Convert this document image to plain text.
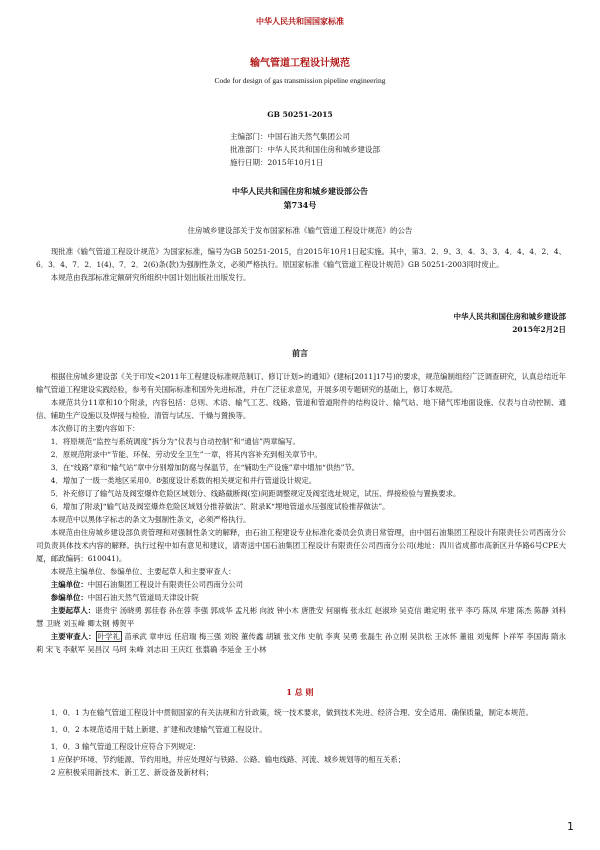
中华人民共和国国家标准
输气管道工程设计规范
Code for design of gas transmission pipeline engineering
GB 50251-2015
主编部门：中国石油天然气集团公司
批准部门：中华人民共和国住房和城乡建设部
施行日期：2015年10月1日
中华人民共和国住房和城乡建设部公告
第734号
住房城乡建设部关于发布国家标准《输气管道工程设计规范》的公告
现批准《输气管道工程设计规范》为国家标准，编号为GB 50251-2015，自2015年10月1日起实施。其中，第3．2．9、3．4．3、3．4．4、4．2．4、6．3．4、7．2．1(4)、7．2．2(6)条(款)为强制性条文，必须严格执行。原国家标准《输气管道工程设计规范》GB 50251-2003同时废止。
本规范由我部标准定额研究所组织中国计划出版社出版发行。
中华人民共和国住房和城乡建设部
2015年2月2日
前言
根据住房城乡建设部《关于印发<2011年工程建设标准规范制订、修订计划>的通知》(建标[2011]17号)的要求，规范编制组经广泛调查研究，认真总结近年输气管道工程建设实践经验，参考有关国际标准和国外先进标准，并在广泛征求意见，开展多项专题研究的基础上，修订本规范。
本规范共分11章和10个附录，内容包括：总则、术语、输气工艺、线路、管道和管道附件的结构设计、输气站、地下储气库地面设施、仪表与自动控制、通信、辅助生产设施以及焊接与检验、清管与试压、干燥与置换等。
本次修订的主要内容如下：
1．将原规范“监控与系统调度”拆分为“仪表与自动控制”和“通信”两章编写。
2．原规范附录中“节能、环保、劳动安全卫生”一章，将其内容补充到相关章节中。
3．在“线路”章和“输气站”章中分别增加防腐与保温节，在“辅助生产设施”章中增加“供热”节。
4．增加了一级一类地区采用0．8强度设计系数的相关规定和并行管道设计规定。
5．补充修订了输气站及阀室爆炸危险区域划分、线路截断阀(室)间距调整规定及阀室选址规定，试压、焊接检验与置换要求。
6．增加了附录J“输气站及阀室爆炸危险区域划分推荐做法”、附录K“埋地管道水压强度试验推荐做法”。
本规范中以黑体字标志的条文为强制性条文，必须严格执行。
本规范由住房城乡建设部负责管理和对强制性条文的解释，由石油工程建设专业标准化委员会负责日常管理，由中国石油集团工程设计有限责任公司西南分公司负责具体技术内容的解释。执行过程中如有意见和建议，请寄送中国石油集团工程设计有限责任公司西南分公司(地址：四川省成都市高新区升华路6号CPE大厦，邮政编码：610041)。
本规范主编单位、参编单位、主要起草人和主要审查人：
主编单位：中国石油集团工程设计有限责任公司西南分公司
参编单位：中国石油天然气管道局天津设计院
主要起草人：谌贵宇 汤晓勇 郭佳春 孙在蓉 李强 郭成华 孟凡彬 向波 钟小木 唐胜安 何丽梅 张永红 赵淑珍 吴克信 雎定明 张平 李巧 陈凤 牟建 陈杰 陈静 刘科慧 卫晓 刘玉峰 卿太钢 傅贺平
主要审查人： 叶学礼 苗承武 章申远 任启瑞 梅三强 刘锐 董传鑫 胡颖 张文伟 史航 李爽 吴勇 张磊生 孙立刚 吴洪松 王冰怀 董祖 刘鬼辉 卜祥军 李国海 隋永莉 宋飞 李献军 吴昌汉 马珂 朱峰 刘志田 王庆红 张翦确 李延金 王小林
1 总 则
1．0．1 为在输气管道工程设计中贯彻国家的有关法规和方针政策，统一技术要求，做到技术先进、经济合理、安全适用、确保质量，制定本规范。
1．0．2 本规范适用于陆上新建、扩建和改建输气管道工程设计。
1．0．3 输气管道工程设计应符合下列规定：
1 应保护环境、节约能源、节约用地，并应处理好与铁路、公路、输电线路、河流、城乡规划等的相互关系；
2 应积极采用新技术、新工艺、新设备及新材料；
1
